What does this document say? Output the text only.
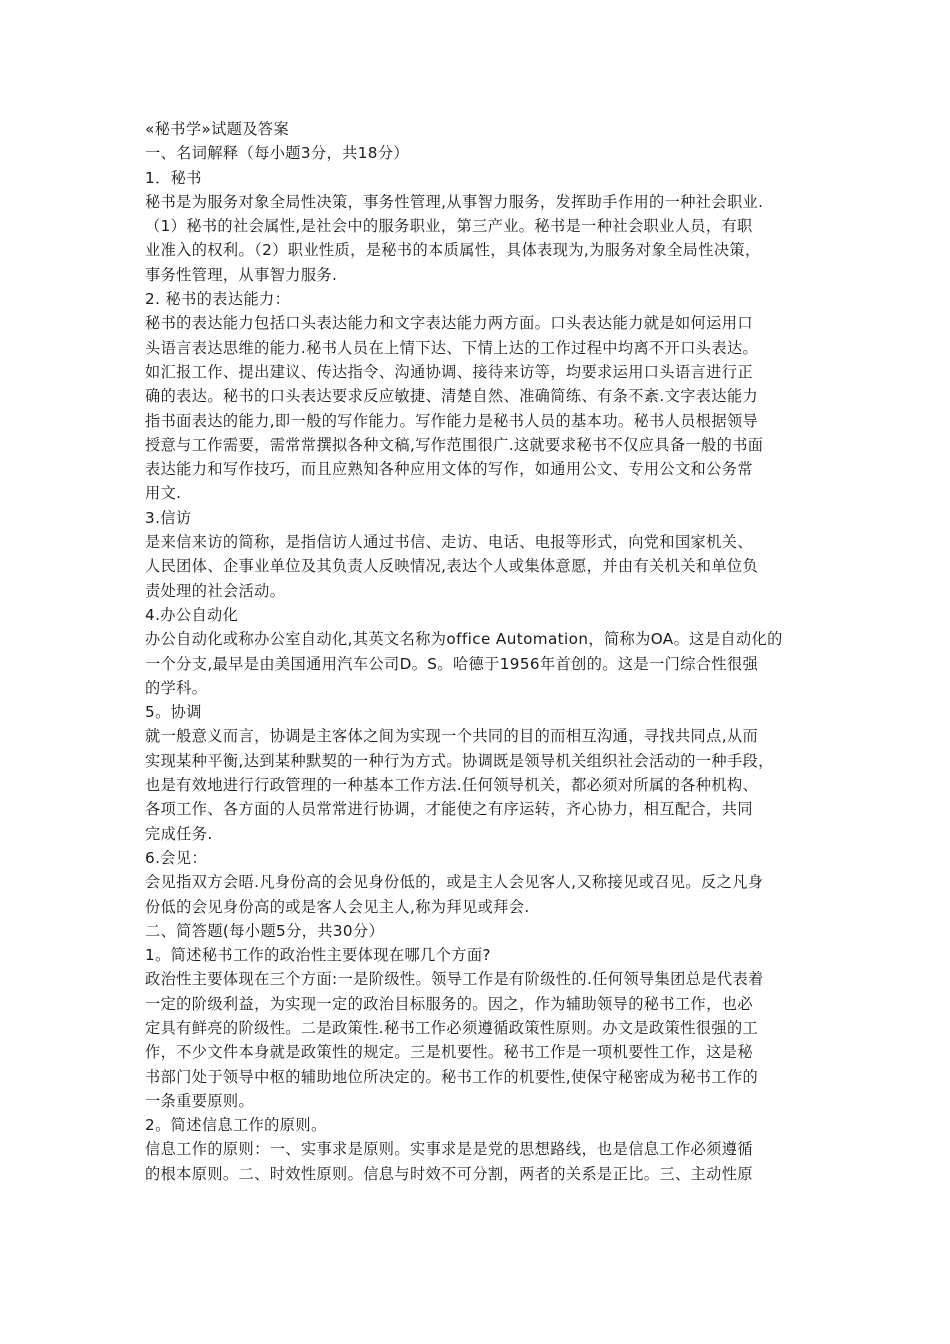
«秘书学»试题及答案
一、名词解释（每小题3分，共18分）
1．秘书
秘书是为服务对象全局性决策，事务性管理,从事智力服务，发挥助手作用的一种社会职业.
（1）秘书的社会属性,是社会中的服务职业，第三产业。秘书是一种社会职业人员，有职
业准入的权利。（2）职业性质，是秘书的本质属性，具体表现为,为服务对象全局性决策，
事务性管理，从事智力服务.
2. 秘书的表达能力：
秘书的表达能力包括口头表达能力和文字表达能力两方面。口头表达能力就是如何运用口
头语言表达思维的能力.秘书人员在上情下达、下情上达的工作过程中均离不开口头表达。
如汇报工作、提出建议、传达指令、沟通协调、接待来访等，均要求运用口头语言进行正
确的表达。秘书的口头表达要求反应敏捷、清楚自然、准确简练、有条不紊.文字表达能力
指书面表达的能力,即一般的写作能力。写作能力是秘书人员的基本功。秘书人员根据领导
授意与工作需要，需常常撰拟各种文稿,写作范围很广.这就要求秘书不仅应具备一般的书面
表达能力和写作技巧，而且应熟知各种应用文体的写作，如通用公文、专用公文和公务常
用文.
3.信访
是来信来访的简称，是指信访人通过书信、走访、电话、电报等形式，向党和国家机关、
人民团体、企事业单位及其负责人反映情况,表达个人或集体意愿，并由有关机关和单位负
责处理的社会活动。
4.办公自动化
办公自动化或称办公室自动化,其英文名称为office Automation，简称为OA。这是自动化的
一个分支,最早是由美国通用汽车公司D。S。哈德于1956年首创的。这是一门综合性很强
的学科。
5。协调
就一般意义而言，协调是主客体之间为实现一个共同的目的而相互沟通，寻找共同点,从而
实现某种平衡,达到某种默契的一种行为方式。协调既是领导机关组织社会活动的一种手段，
也是有效地进行行政管理的一种基本工作方法.任何领导机关，都必须对所属的各种机构、
各项工作、各方面的人员常常进行协调，才能使之有序运转，齐心协力，相互配合，共同
完成任务.
6.会见：
会见指双方会晤.凡身份高的会见身份低的，或是主人会见客人,又称接见或召见。反之凡身
份低的会见身份高的或是客人会见主人,称为拜见或拜会.
二、简答题(每小题5分，共30分）
1。简述秘书工作的政治性主要体现在哪几个方面?
政治性主要体现在三个方面:一是阶级性。领导工作是有阶级性的.任何领导集团总是代表着
一定的阶级利益，为实现一定的政治目标服务的。因之，作为辅助领导的秘书工作，也必
定具有鲜亮的阶级性。二是政策性.秘书工作必须遵循政策性原则。办文是政策性很强的工
作，不少文件本身就是政策性的规定。三是机要性。秘书工作是一项机要性工作，这是秘
书部门处于领导中枢的辅助地位所决定的。秘书工作的机要性,使保守秘密成为秘书工作的
一条重要原则。
2。简述信息工作的原则。
信息工作的原则：一、实事求是原则。实事求是是党的思想路线，也是信息工作必须遵循
的根本原则。二、时效性原则。信息与时效不可分割，两者的关系是正比。三、主动性原
